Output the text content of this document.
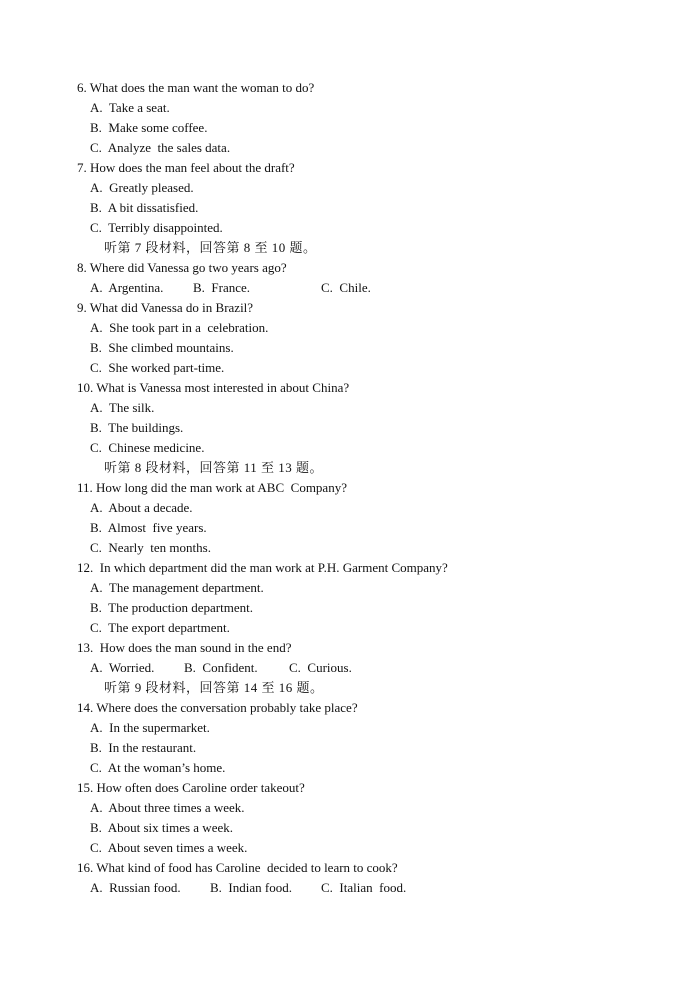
6. What does the man want the woman to do?
A.  Take a seat.
B.  Make some coffee.
C.  Analyze  the sales data.
7. How does the man feel about the draft?
A.  Greatly pleased.
B.  A bit dissatisfied.
C.  Terribly disappointed.
听第 7 段材料，回答第 8 至 10 题。
8. Where did Vanessa go two years ago?
A.  Argentina. B.  France.	C.  Chile.
9. What did Vanessa do in Brazil?
A.  She took part in a  celebration.
B.  She climbed mountains.
C.  She worked part-time.
10. What is Vanessa most interested in about China?
A.  The silk.
B.  The buildings.
C.  Chinese medicine.
听第 8 段材料，回答第 11 至 13 题。
11. How long did the man work at ABC  Company?
A.  About a decade.
B.  Almost  five years.
C.  Nearly  ten months.
12.  In which department did the man work at P.H. Garment Company?
A.  The management department.
B.  The production department.
C.  The export department.
13.  How does the man sound in the end?
A.  Worried. B.  Confident. C.  Curious.
听第 9 段材料，回答第 14 至 16 题。
14. Where does the conversation probably take place?
A.  In the supermarket.
B.  In the restaurant.
C.  At the woman’s home.
15. How often does Caroline order takeout?
A.  About three times a week.
B.  About six times a week.
C.  About seven times a week.
16. What kind of food has Caroline  decided to learn to cook?
A.  Russian food. B.  Indian food. C.  Italian  food.
